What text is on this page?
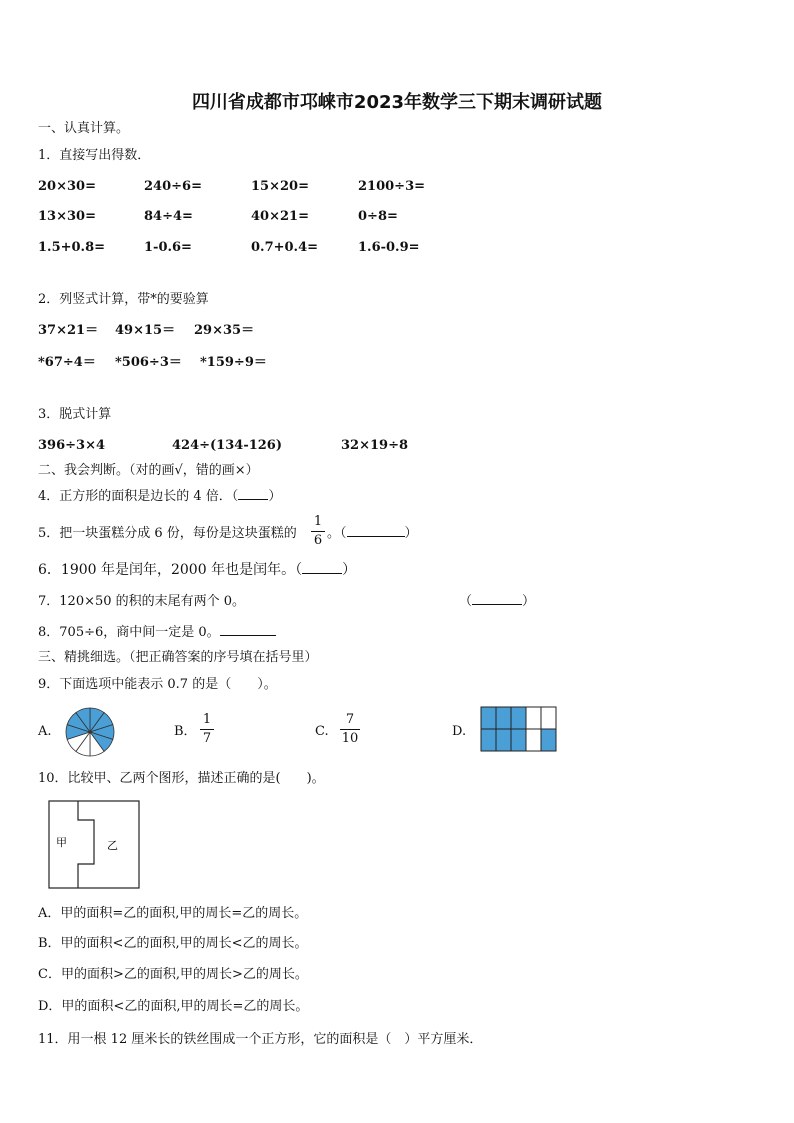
四川省成都市邛崃市2023年数学三下期末调研试题
一、认真计算。
1．直接写出得数．
20×30=	240÷6=	15×20=	2100÷3=
13×30=	84÷4=	40×21=	0÷8=
1.5+0.8=	1-0.6=	0.7+0.4=	1.6-0.9=
2．列竖式计算，带*的要验算
37×21＝ 49×15＝ 29×35＝
*67÷4＝ *506÷3＝ *159÷9＝
3．脱式计算
396÷3×4	424÷(134-126)	32×19÷8
二、我会判断。（对的画√，错的画×）
4．正方形的面积是边长的 4 倍．（ ）
5．把一块蛋糕分成 6 份，每份是这块蛋糕的
1
6 。（	）
6．1900 年是闰年，2000 年也是闰年。（	）
7．120×50 的积的末尾有两个 0。	（	）
8．705÷6，商中间一定是 0。
三、精挑细选。（把正确答案的序号填在括号里）
9．下面选项中能表示 0.7 的是（　　）。
A.	B．
1
7	C.
7
10	D.
10．比较甲、乙两个图形，描述正确的是(　　)。
甲	乙
A．甲的面积=乙的面积,甲的周长=乙的周长。
B．甲的面积<乙的面积,甲的周长<乙的周长。
C．甲的面积>乙的面积,甲的周长>乙的周长。
D．甲的面积<乙的面积,甲的周长=乙的周长。
11．用一根 12 厘米长的铁丝围成一个正方形，它的面积是（　）平方厘米．
